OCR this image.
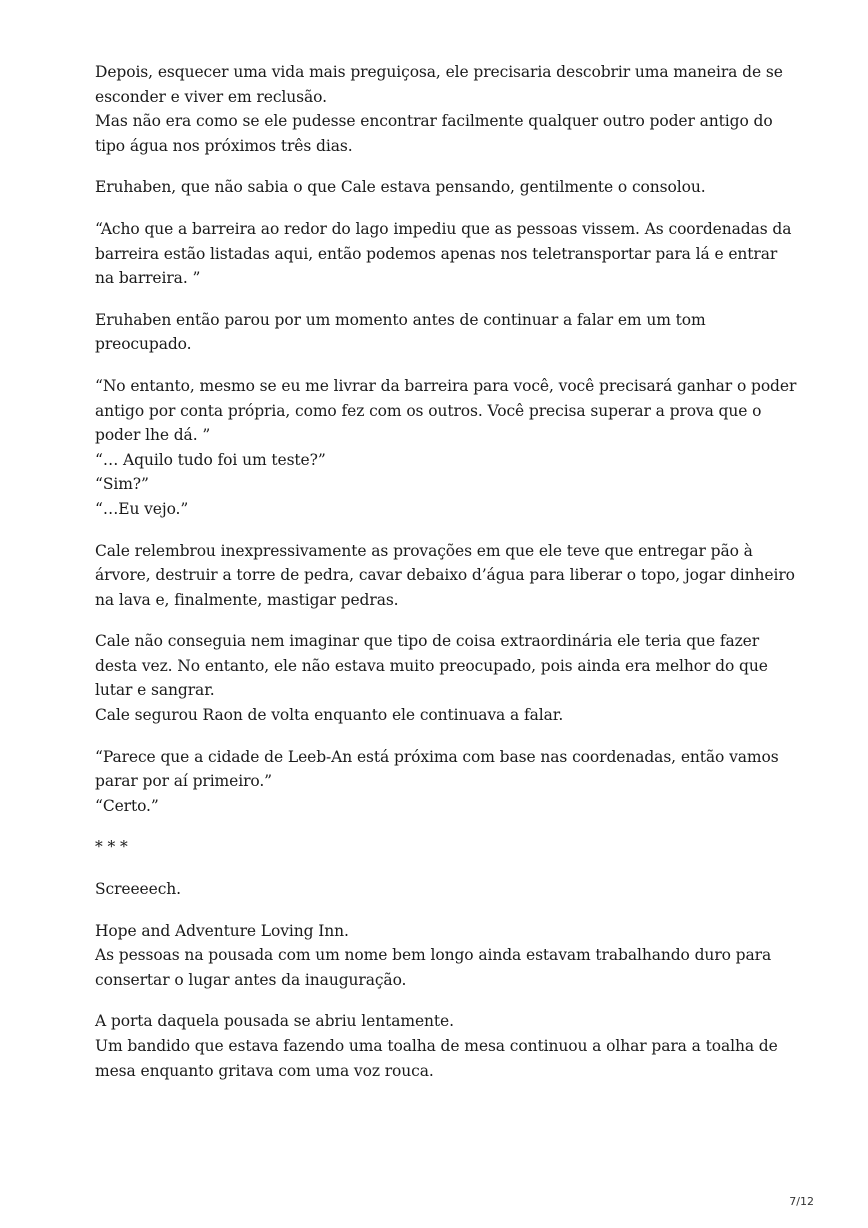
Depois, esquecer uma vida mais preguiçosa, ele precisaria descobrir uma maneira de se
esconder e viver em reclusão.
Mas não era como se ele pudesse encontrar facilmente qualquer outro poder antigo do
tipo água nos próximos três dias.
Eruhaben, que não sabia o que Cale estava pensando, gentilmente o consolou.
“Acho que a barreira ao redor do lago impediu que as pessoas vissem. As coordenadas da
barreira estão listadas aqui, então podemos apenas nos teletransportar para lá e entrar
na barreira. ”
Eruhaben então parou por um momento antes de continuar a falar em um tom
preocupado.
“No entanto, mesmo se eu me livrar da barreira para você, você precisará ganhar o poder
antigo por conta própria, como fez com os outros. Você precisa superar a prova que o
poder lhe dá. ”
“… Aquilo tudo foi um teste?”
“Sim?”
“…Eu vejo.”
Cale relembrou inexpressivamente as provações em que ele teve que entregar pão à
árvore, destruir a torre de pedra, cavar debaixo d’água para liberar o topo, jogar dinheiro
na lava e, finalmente, mastigar pedras.
Cale não conseguia nem imaginar que tipo de coisa extraordinária ele teria que fazer
desta vez. No entanto, ele não estava muito preocupado, pois ainda era melhor do que
lutar e sangrar.
Cale segurou Raon de volta enquanto ele continuava a falar.
“Parece que a cidade de Leeb-An está próxima com base nas coordenadas, então vamos
parar por aí primeiro.”
“Certo.”
* * *
Screeeech.
Hope and Adventure Loving Inn.
As pessoas na pousada com um nome bem longo ainda estavam trabalhando duro para
consertar o lugar antes da inauguração.
A porta daquela pousada se abriu lentamente.
Um bandido que estava fazendo uma toalha de mesa continuou a olhar para a toalha de
mesa enquanto gritava com uma voz rouca.
7/12
